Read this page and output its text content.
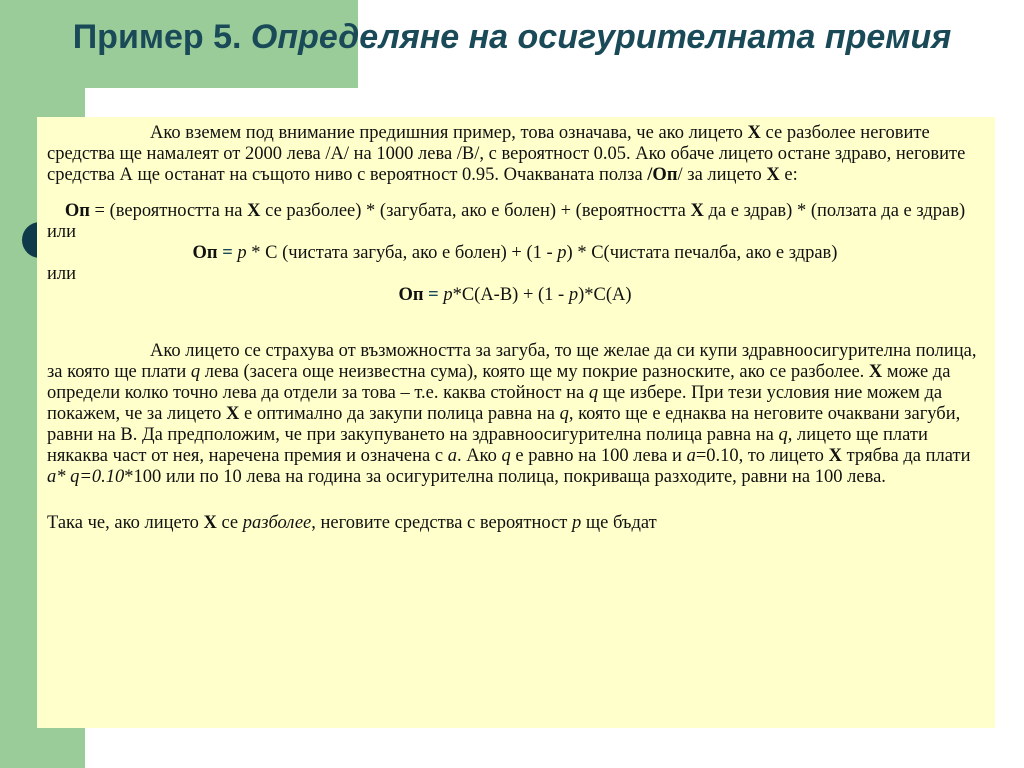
Пример 5. Определяне на осигурителната премия

Ако вземем под внимание предишния пример, това означава, че ако лицето Х се разболее неговите средства ще намалеят от 2000 лева /А/ на 1000 лева /В/, с вероятност 0.05. Ако обаче лицето остане здраво, неговите средства А ще останат на същото ниво с вероятност 0.95. Очакваната полза /Оп/ за лицето Х е:

Оп = (вероятността на Х се разболее) * (загубата, ако е болен) + (вероятността Х да е здрав) * (ползата да е здрав)

или

Оп = р * С (чистата загуба, ако е болен) + (1 - р) * С(чистата печалба, ако е здрав)

или

Оп = р*С(А-В) + (1 - р)*С(А)

Ако лицето се страхува от възможността за загуба, то ще желае да си купи здравноосигурителна полица, за която ще плати q лева (засега още неизвестна сума), която ще му покрие разноските, ако се разболее. Х може да определи колко точно лева да отдели за това – т.е. каква стойност на q ще избере. При тези условия ние можем да покажем, че за лицето Х е оптимално да закупи полица равна на q, която ще е еднаква на неговите очаквани загуби, равни на В. Да предположим, че при закупуването на здравноосигурителна полица равна на q, лицето ще плати някаква част от нея, наречена премия и означена с а. Ако q е равно на 100 лева и а=0.10, то лицето Х трябва да плати а* q=0.10*100 или по 10 лева на година за осигурителна полица, покриваща разходите, равни на 100 лева.

Така че, ако лицето Х се разболее, неговите средства с вероятност р ще бъдат
